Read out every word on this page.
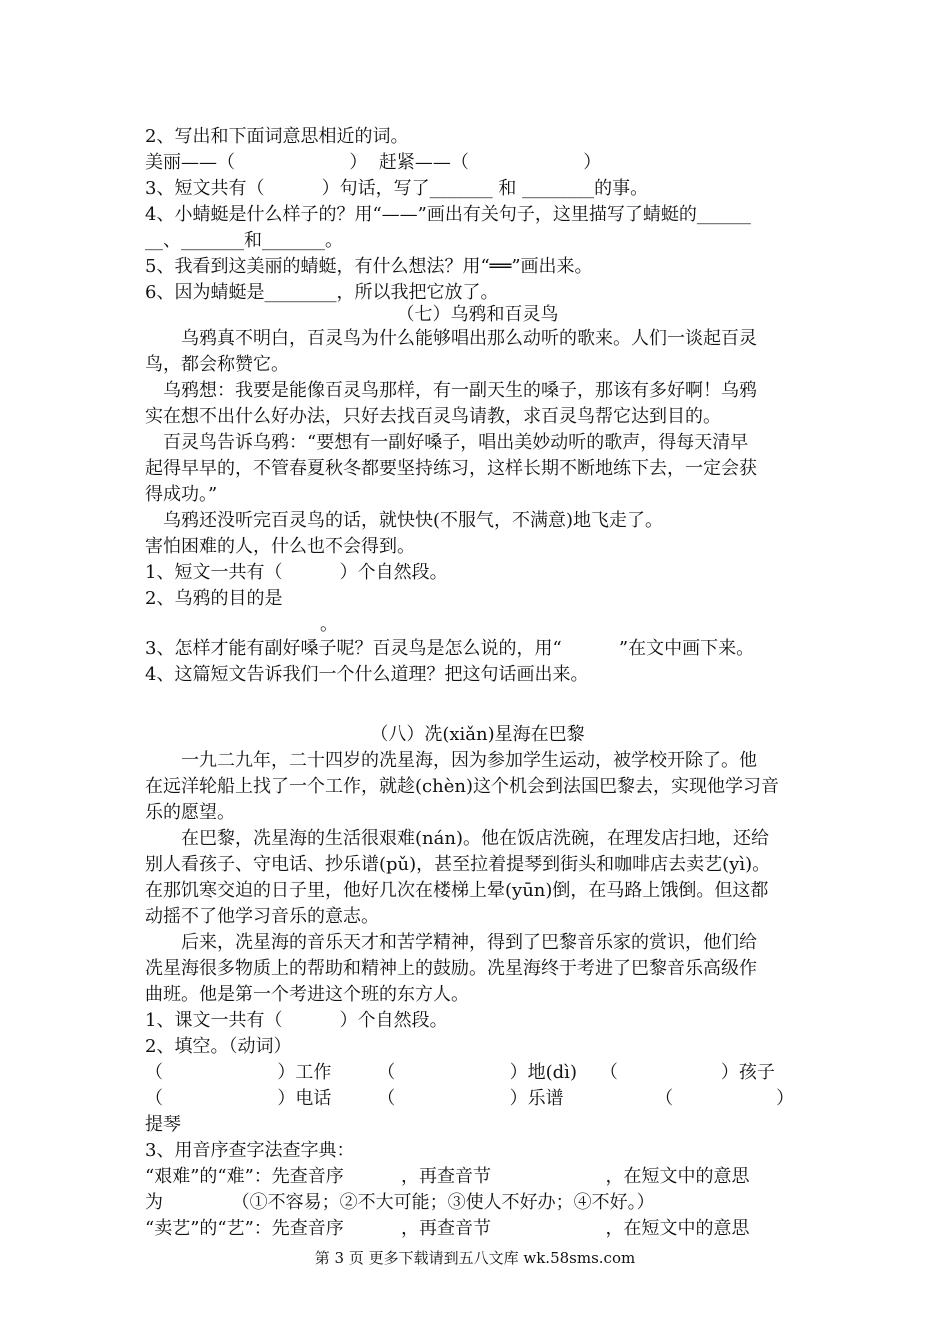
2、写出和下面词意思相近的词。
美丽——（                    ）  赶紧——（                    ）
3、短文共有（          ）句话，写了_______ 和 ________的事。
4、小蜻蜓是什么样子的？用“——”画出有关句子，这里描写了蜻蜓的______
__、_______和_______。
5、我看到这美丽的蜻蜓，有什么想法？用“══”画出来。
6、因为蜻蜓是________，所以我把它放了。
（七）乌鸦和百灵鸟
乌鸦真不明白，百灵鸟为什么能够唱出那么动听的歌来。人们一谈起百灵
鸟，都会称赞它。
乌鸦想：我要是能像百灵鸟那样，有一副天生的嗓子，那该有多好啊！乌鸦
实在想不出什么好办法，只好去找百灵鸟请教，求百灵鸟帮它达到目的。
百灵鸟告诉乌鸦：“要想有一副好嗓子，唱出美妙动听的歌声，得每天清早
起得早早的，不管春夏秋冬都要坚持练习，这样长期不断地练下去，一定会获
得成功。”
乌鸦还没听完百灵鸟的话，就快快(不服气，不满意)地飞走了。
害怕困难的人，什么也不会得到。
1、短文一共有（          ）个自然段。
2、乌鸦的目的是
。
3、怎样才能有副好嗓子呢？百灵鸟是怎么说的，用“          ”在文中画下来。
4、这篇短文告诉我们一个什么道理？把这句话画出来。
（八）冼(xiǎn)星海在巴黎
一九二九年，二十四岁的冼星海，因为参加学生运动，被学校开除了。他
在远洋轮船上找了一个工作，就趁(chèn)这个机会到法国巴黎去，实现他学习音
乐的愿望。
在巴黎，冼星海的生活很艰难(nán)。他在饭店洗碗，在理发店扫地，还给
别人看孩子、守电话、抄乐谱(pǔ)，甚至拉着提琴到街头和咖啡店去卖艺(yì)。
在那饥寒交迫的日子里，他好几次在楼梯上晕(yūn)倒，在马路上饿倒。但这都
动摇不了他学习音乐的意志。
后来，冼星海的音乐天才和苦学精神，得到了巴黎音乐家的赏识，他们给
冼星海很多物质上的帮助和精神上的鼓励。冼星海终于考进了巴黎音乐高级作
曲班。他是第一个考进这个班的东方人。
1、课文一共有（          ）个自然段。
2、填空。（动词）
（                    ）工作        （                    ）地(dì)    （                  ）孩子
（                    ）电话        （                    ）乐谱                （                  ）
提琴
3、用音序查字法查字典：
“艰难”的“难”：先查音序          ，再查音节                    ，在短文中的意思
为            （①不容易；②不大可能；③使人不好办；④不好。）
“卖艺”的“艺”：先查音序          ，再查音节                    ，在短文中的意思
第 3 页 更多下载请到五八文库 wk.58sms.com
